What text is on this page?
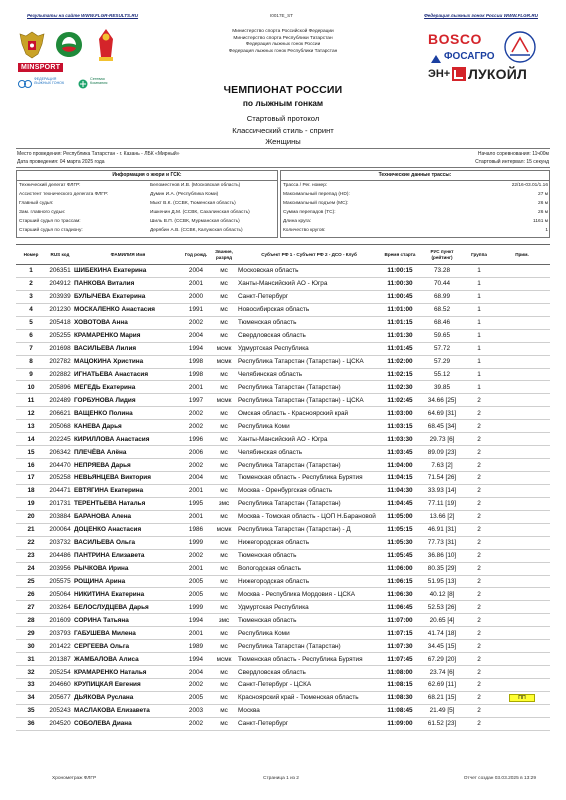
Результаты на сайте WWW.FLGR-RESULTS.RU	I0017E_ST	Федерация лыжных гонок России WWW.FLGR.RU
Министерство спорта Российской Федерации
Министерство спорта Республики Татарстан
Федерация лыжных гонок России
Федерация лыжных гонок Республики Татарстан
MINSPORT
ФЕДЕРАЦИЯ ЛЫЖНЫХ ГОНОК
Сетевая Компания
BOSCO
ФОСАГРО
ЭН+ ЛУКОЙЛ
ЧЕМПИОНАТ РОССИИ
по лыжным гонкам
Стартовый протокол
Классический стиль - спринт
Женщины
Место проведения: Республика Татарстан - г. Казань - ЛБК «Мирный»	Начало соревнования: 11ч00м
Дата проведения: 04 марта 2025 года	Стартовый интервал: 15 секунд
Информация о жюри и ГСК:
Технический делегат ФЛГР:	Беломестнов И.В. (Московская область)
Ассистент технического делегата ФЛГР:	Думин И.А. (Республика Коми)
Главный судья:	Мыкт В.К. (ССВК, Тюменская область)
Зам. главного судьи:	Ишкенин Д.М. (ССВК, Сахалинская область)
Старший судья по трассам:	Шиль В.П. (ССВК, Мурманская область)
Старший судья по стадиону:	Дерябин А.В. (ССВК, Калужская область)
Технические данные трассы:
Трасса / Рег. номер:	22/16-03.01/1.16
Максимальный перепад (HD):	27 м
Максимальный подъем (MC):	26 м
Сумма перепадов (TC):	26 м
Длина круга:	1161 м
Количество кругов:	1
Номер	RUS код	ФАМИЛИЯ Имя	Год рожд.	Звание, разряд	Субъект РФ 1 - Субъект РФ 2 - ДСО - Клуб	Время старта	РУС пункт (рейтинг)	Группа	Прим.
1	206351	ШИБЕКИНА Екатерина	2004	мс	Московская область	11:00:15	73.28	1	
2	204912	ПАНКОВА Виталия	2001	мс	Ханты-Мансийский АО - Югра	11:00:30	70.44	1	
3	203939	БУЛЫЧЕВА Екатерина	2000	мс	Санкт-Петербург	11:00:45	68.99	1	
4	201230	МОСКАЛЕНКО Анастасия	1991	мс	Новосибирская область	11:01:00	68.52	1	
5	205418	ХОВОТОВА Анна	2002	мс	Тюменская область	11:01:15	68.46	1	
6	205255	КРАМАРЕНКО Мария	2004	мс	Свердловская область	11:01:30	59.65	1	
7	201698	ВАСИЛЬЕВА Лилия	1994	мсмк	Удмуртская Республика	11:01:45	57.72	1	
8	202782	МАЦОКИНА Христина	1998	мсмк	Республика Татарстан (Татарстан) - ЦСКА	11:02:00	57.29	1	
9	202882	ИГНАТЬЕВА Анастасия	1998	мс	Челябинская область	11:02:15	55.12	1	
10	205896	МЕГЕДЬ Екатерина	2001	мс	Республика Татарстан (Татарстан)	11:02:30	39.85	1	
11	202489	ГОРБУНОВА Лидия	1997	мсмк	Республика Татарстан (Татарстан) - ЦСКА	11:02:45	34.66 [25]	2	
12	206621	ВАЩЕНКО Полина	2002	мс	Омская область - Красноярский край	11:03:00	64.69 [31]	2	
13	205068	КАНЕВА Дарья	2002	мс	Республика Коми	11:03:15	68.45 [34]	2	
14	202245	КИРИЛЛОВА Анастасия	1996	мс	Ханты-Мансийский АО - Югра	11:03:30	29.73 [6]	2	
15	206342	ПЛЕЧЁВА Алёна	2006	мс	Челябинская область	11:03:45	89.09 [23]	2	
16	204470	НЕПРЯЕВА Дарья	2002	мс	Республика Татарстан (Татарстан)	11:04:00	7.63 [2]	2	
17	205258	НЕВЬЯНЦЕВА Виктория	2004	мс	Тюменская область - Республика Бурятия	11:04:15	71.54 [26]	2	
18	204471	ЕВТЯГИНА Екатерина	2001	мс	Москва - Оренбургская область	11:04:30	33.93 [14]	2	
19	201731	ТЕРЕНТЬЕВА Наталья	1995	змс	Республика Татарстан (Татарстан)	11:04:45	77.11 [19]	2	
20	203884	БАРАНОВА Алена	2001	мс	Москва - Томская область - ЦОП Н.Барановой	11:05:00	13.66 [2]	2	
21	200064	ДОЦЕНКО Анастасия	1986	мсмк	Республика Татарстан (Татарстан) - Д	11:05:15	46.91 [31]	2	
22	203732	ВАСИЛЬЕВА Ольга	1999	мс	Нижегородская область	11:05:30	77.73 [31]	2	
23	204486	ПАНТРИНА Елизавета	2002	мс	Тюменская область	11:05:45	36.86 [10]	2	
24	203956	РЫЧКОВА Ирина	2001	мс	Вологодская область	11:06:00	80.35 [29]	2	
25	205575	РОЩИНА Арина	2005	мс	Нижегородская область	11:06:15	51.95 [13]	2	
26	205064	НИКИТИНА Екатерина	2005	мс	Москва - Республика Мордовия - ЦСКА	11:06:30	40.12 [8]	2	
27	203264	БЕЛОСЛУДЦЕВА Дарья	1999	мс	Удмуртская Республика	11:06:45	52.53 [26]	2	
28	201609	СОРИНА Татьяна	1994	змс	Тюменская область	11:07:00	20.65 [4]	2	
29	203793	ГАБУШЕВА Милена	2001	мс	Республика Коми	11:07:15	41.74 [18]	2	
30	201422	СЕРГЕЕВА Ольга	1989	мс	Республика Татарстан (Татарстан)	11:07:30	34.45 [15]	2	
31	201387	ЖАМБАЛОВА Алиса	1994	мсмк	Тюменская область - Республика Бурятия	11:07:45	67.29 [20]	2	
32	205254	КРАМАРЕНКО Наталья	2004	мс	Свердловская область	11:08:00	23.74 [6]	2	
33	204660	КРУПИЦКАЯ Евгения	2002	мс	Санкт-Петербург - ЦСКА	11:08:15	62.69 [11]	2	
34	205677	ДЬЯКОВА Руслана	2005	мс	Красноярский край - Тюменская область	11:08:30	68.21 [15]	2	ПП
35	205243	МАСЛАКОВА Елизавета	2003	мс	Москва	11:08:45	21.49 [5]	2	
36	204520	СОБОЛЕВА Диана	2002	мс	Санкт-Петербург	11:09:00	61.52 [23]	2	
Хронометраж ФЛГР	Страница 1 из 2	Отчет создан 03.03.2025 в 13:29
